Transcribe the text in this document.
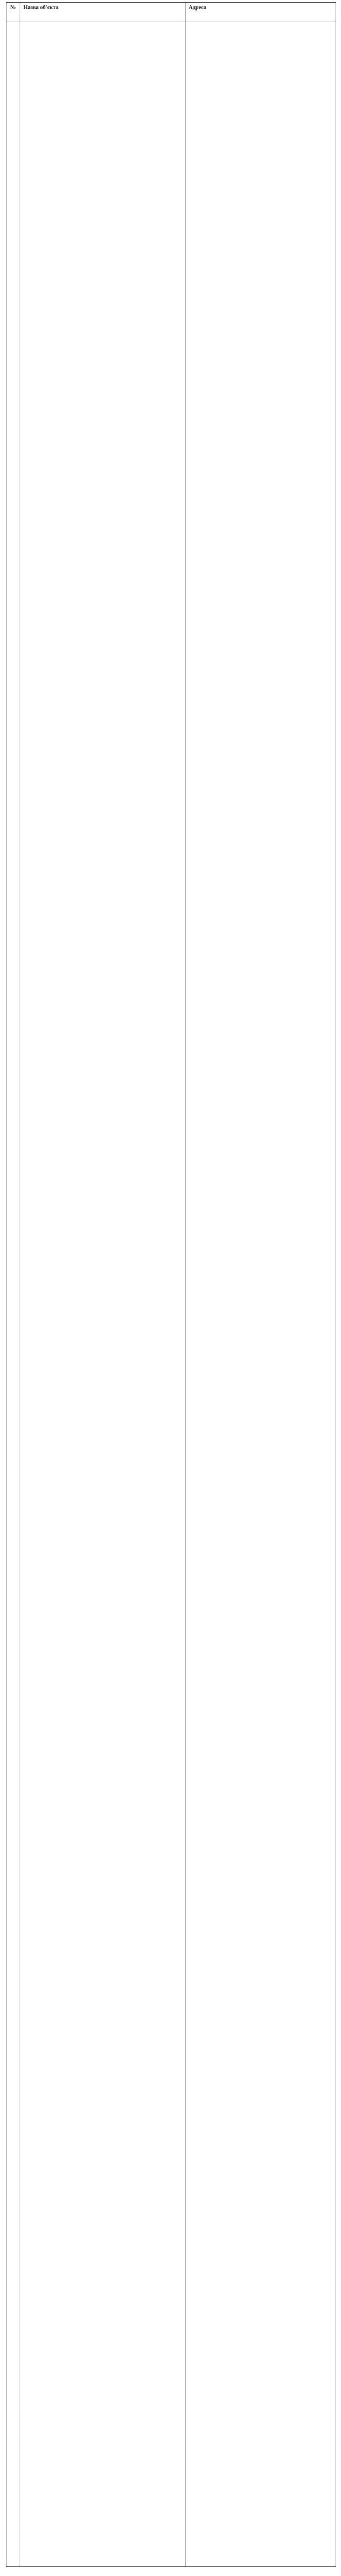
№	Назва об'єкта	Адреса
